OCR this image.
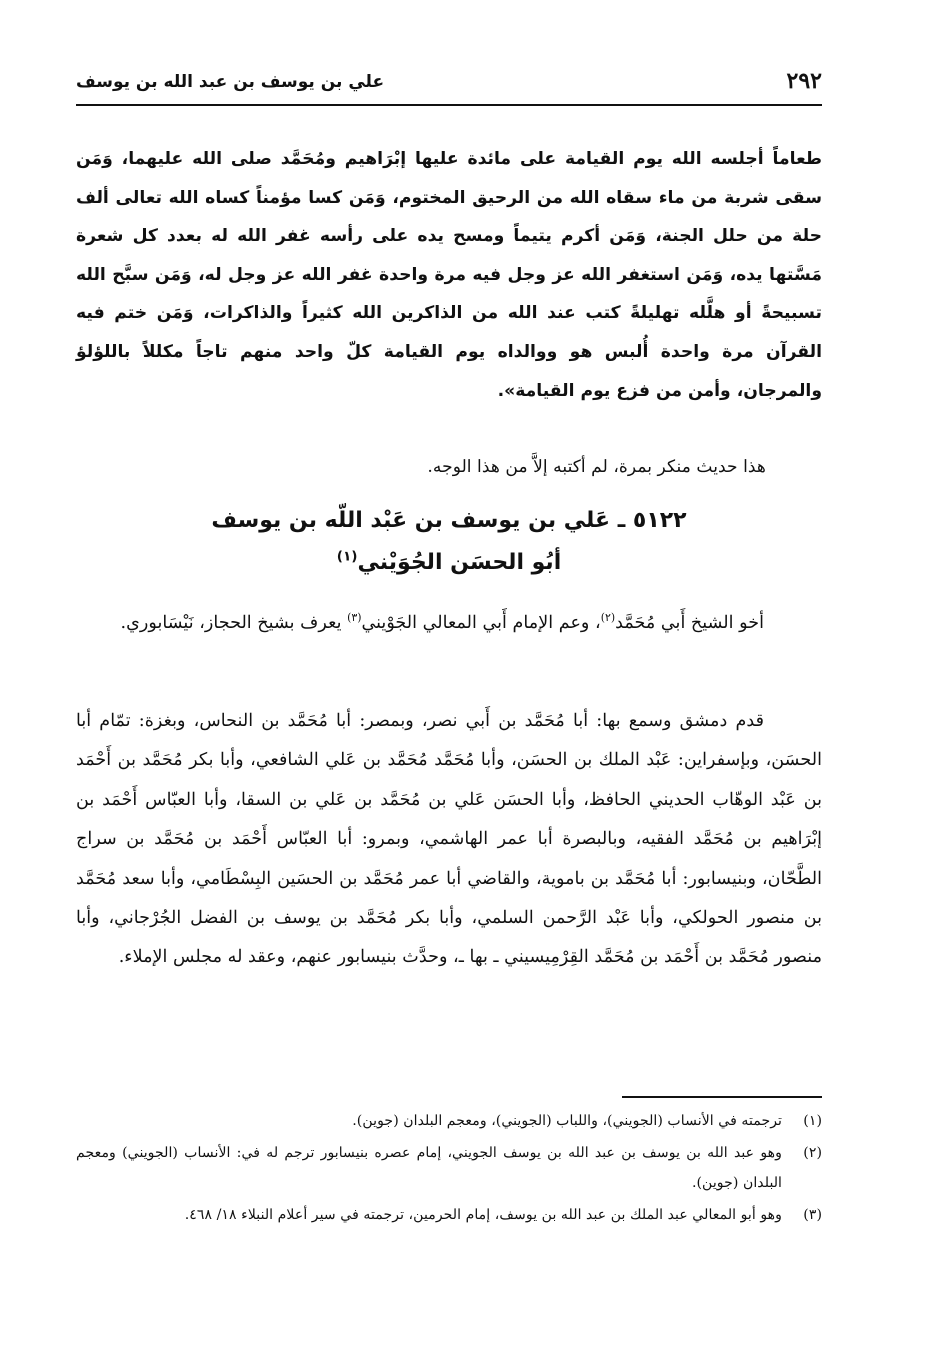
٢٩٢
علي بن يوسف بن عبد الله بن يوسف
طعاماً أجلسه الله يوم القيامة على مائدة عليها إبْرَاهيم ومُحَمَّد صلى الله عليهما، وَمَن سقى شربة من ماء سقاه الله من الرحيق المختوم، وَمَن كسا مؤمناً كساه الله تعالى ألف حلة من حلل الجنة، وَمَن أكرم يتيماً ومسح يده على رأسه غفر الله له بعدد كل شعرة مَسَّتها يده، وَمَن استغفر الله عز وجل فيه مرة واحدة غفر الله عز وجل له، وَمَن سبَّح الله تسبيحةً أو هلَّله تهليلةً كتب عند الله من الذاكرين الله كثيراً والذاكرات، وَمَن ختم فيه القرآن مرة واحدة أُلبس هو ووالداه يوم القيامة كلّ واحد منهم تاجاً مكللاً باللؤلؤ والمرجان، وأمن من فزع يوم القيامة».
هذا حديث منكر بمرة، لم أكتبه إلاَّ من هذا الوجه.
٥١٢٢ ـ عَلي بن يوسف بن عَبْد اللّه بن يوسف
أبُو الحسَن الجُوَيْني$^{(١)}$
أخو الشيخ أَبي مُحَمَّد$^{(٢)}$، وعم الإمام أَبي المعالي الجَوْيني$^{(٣)}$ يعرف بشيخ الحجاز، نَيْسَابوري.
قدم دمشق وسمع بها: أبا مُحَمَّد بن أَبي نصر، وبمصر: أبا مُحَمَّد بن النحاس، وبغزة: تمّام أبا الحسَن، وبإسفراين: عَبْد الملك بن الحسَن، وأبا مُحَمَّد مُحَمَّد بن عَلي الشافعي، وأبا بكر مُحَمَّد بن أَحْمَد بن عَبْد الوهّاب الحديني الحافظ، وأبا الحسَن عَلي بن مُحَمَّد بن عَلي بن السقا، وأبا العبّاس أَحْمَد بن إبْرَاهيم بن مُحَمَّد الفقيه، وبالبصرة أبا عمر الهاشمي، وبمرو: أبا العبّاس أَحْمَد بن مُحَمَّد بن سراج الطَّحّان، وبنيسابور: أبا مُحَمَّد بن باموية، والقاضي أبا عمر مُحَمَّد بن الحسَين البِسْطَامي، وأبا سعد مُحَمَّد بن منصور الحولكي، وأبا عَبْد الرَّحمن السلمي، وأبا بكر مُحَمَّد بن يوسف بن الفضل الجُرْجاني، وأبا منصور مُحَمَّد بن أَحْمَد بن مُحَمَّد القِرْمِيسيني ـ بها ـ، وحدَّث بنيسابور عنهم، وعقد له مجلس الإملاء.
(١)
ترجمته في الأنساب (الجويني)، واللباب (الجويني)، ومعجم البلدان (جوين).
(٢)
وهو عبد الله بن يوسف بن عبد الله بن يوسف الجويني، إمام عصره بنيسابور ترجم له في: الأنساب (الجويني) ومعجم البلدان (جوين).
(٣)
وهو أبو المعالي عبد الملك بن عبد الله بن يوسف، إمام الحرمين، ترجمته في سير أعلام النبلاء ١٨/ ٤٦٨.
